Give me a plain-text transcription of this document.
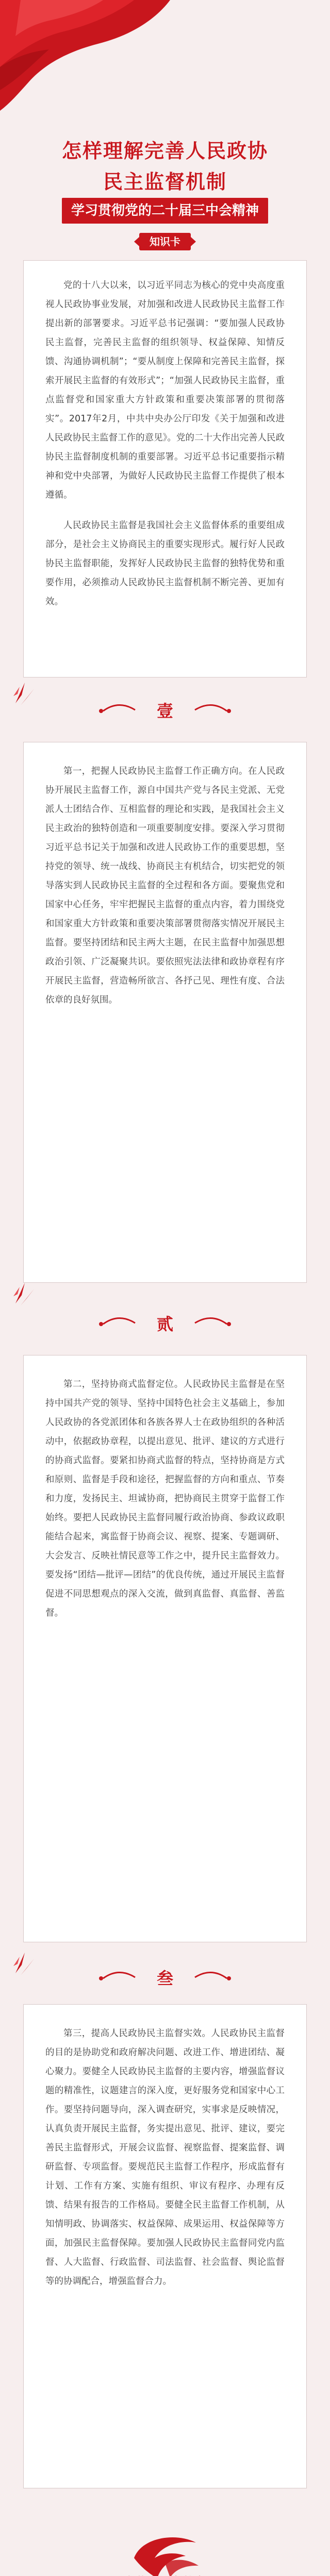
怎样理解完善人民政协
民主监督机制
学习贯彻党的二十届三中会精神
知识卡

党的十八大以来，以习近平同志为核心的党中央高度重视人民政协事业发展，对加强和改进人民政协民主监督工作提出新的部署要求。习近平总书记强调：“要加强人民政协民主监督，完善民主监督的组织领导、权益保障、知情反馈、沟通协调机制”；“要从制度上保障和完善民主监督，探索开展民主监督的有效形式”；“加强人民政协民主监督，重点监督党和国家重大方针政策和重要决策部署的贯彻落实”。2017年2月，中共中央办公厅印发《关于加强和改进人民政协民主监督工作的意见》。党的二十大作出完善人民政协民主监督制度机制的重要部署。习近平总书记重要指示精神和党中央部署，为做好人民政协民主监督工作提供了根本遵循。

人民政协民主监督是我国社会主义监督体系的重要组成部分，是社会主义协商民主的重要实现形式。履行好人民政协民主监督职能，发挥好人民政协民主监督的独特优势和重要作用，必须推动人民政协民主监督机制不断完善、更加有效。

壹

第一，把握人民政协民主监督工作正确方向。在人民政协开展民主监督工作，源自中国共产党与各民主党派、无党派人士团结合作、互相监督的理论和实践，是我国社会主义民主政治的独特创造和一项重要制度安排。要深入学习贯彻习近平总书记关于加强和改进人民政协工作的重要思想，坚持党的领导、统一战线、协商民主有机结合，切实把党的领导落实到人民政协民主监督的全过程和各方面。要聚焦党和国家中心任务，牢牢把握民主监督的重点内容，着力围绕党和国家重大方针政策和重要决策部署贯彻落实情况开展民主监督。要坚持团结和民主两大主题，在民主监督中加强思想政治引领、广泛凝聚共识。要依照宪法法律和政协章程有序开展民主监督，营造畅所欲言、各抒己见、理性有度、合法依章的良好氛围。

贰

第二，坚持协商式监督定位。人民政协民主监督是在坚持中国共产党的领导、坚持中国特色社会主义基础上，参加人民政协的各党派团体和各族各界人士在政协组织的各种活动中，依据政协章程，以提出意见、批评、建议的方式进行的协商式监督。要紧扣协商式监督的特点，坚持协商是方式和原则、监督是手段和途径，把握监督的方向和重点、节奏和力度，发扬民主、坦诚协商，把协商民主贯穿于监督工作始终。要把人民政协民主监督同履行政治协商、参政议政职能结合起来，寓监督于协商会议、视察、提案、专题调研、大会发言、反映社情民意等工作之中，提升民主监督效力。要发扬“团结—批评—团结”的优良传统，通过开展民主监督促进不同思想观点的深入交流，做到真监督、真监督、善监督。

叁

第三，提高人民政协民主监督实效。人民政协民主监督的目的是协助党和政府解决问题、改进工作、增进团结、凝心聚力。要健全人民政协民主监督的主要内容，增强监督议题的精准性，议题建言的深入度，更好服务党和国家中心工作。要坚持问题导向，深入调查研究，实事求是反映情况，认真负责开展民主监督，务实提出意见、批评、建议，要完善民主监督形式，开展会议监督、视察监督、提案监督、调研监督、专项监督。要规范民主监督工作程序，形成监督有计划、工作有方案、实施有组织、审议有程序、办理有反馈、结果有报告的工作格局。要健全民主监督工作机制，从知情明政、协调落实、权益保障、成果运用、权益保障等方面，加强民主监督保障。要加强人民政协民主监督同党内监督、人大监督、行政监督、司法监督、社会监督、舆论监督等的协调配合，增强监督合力。
